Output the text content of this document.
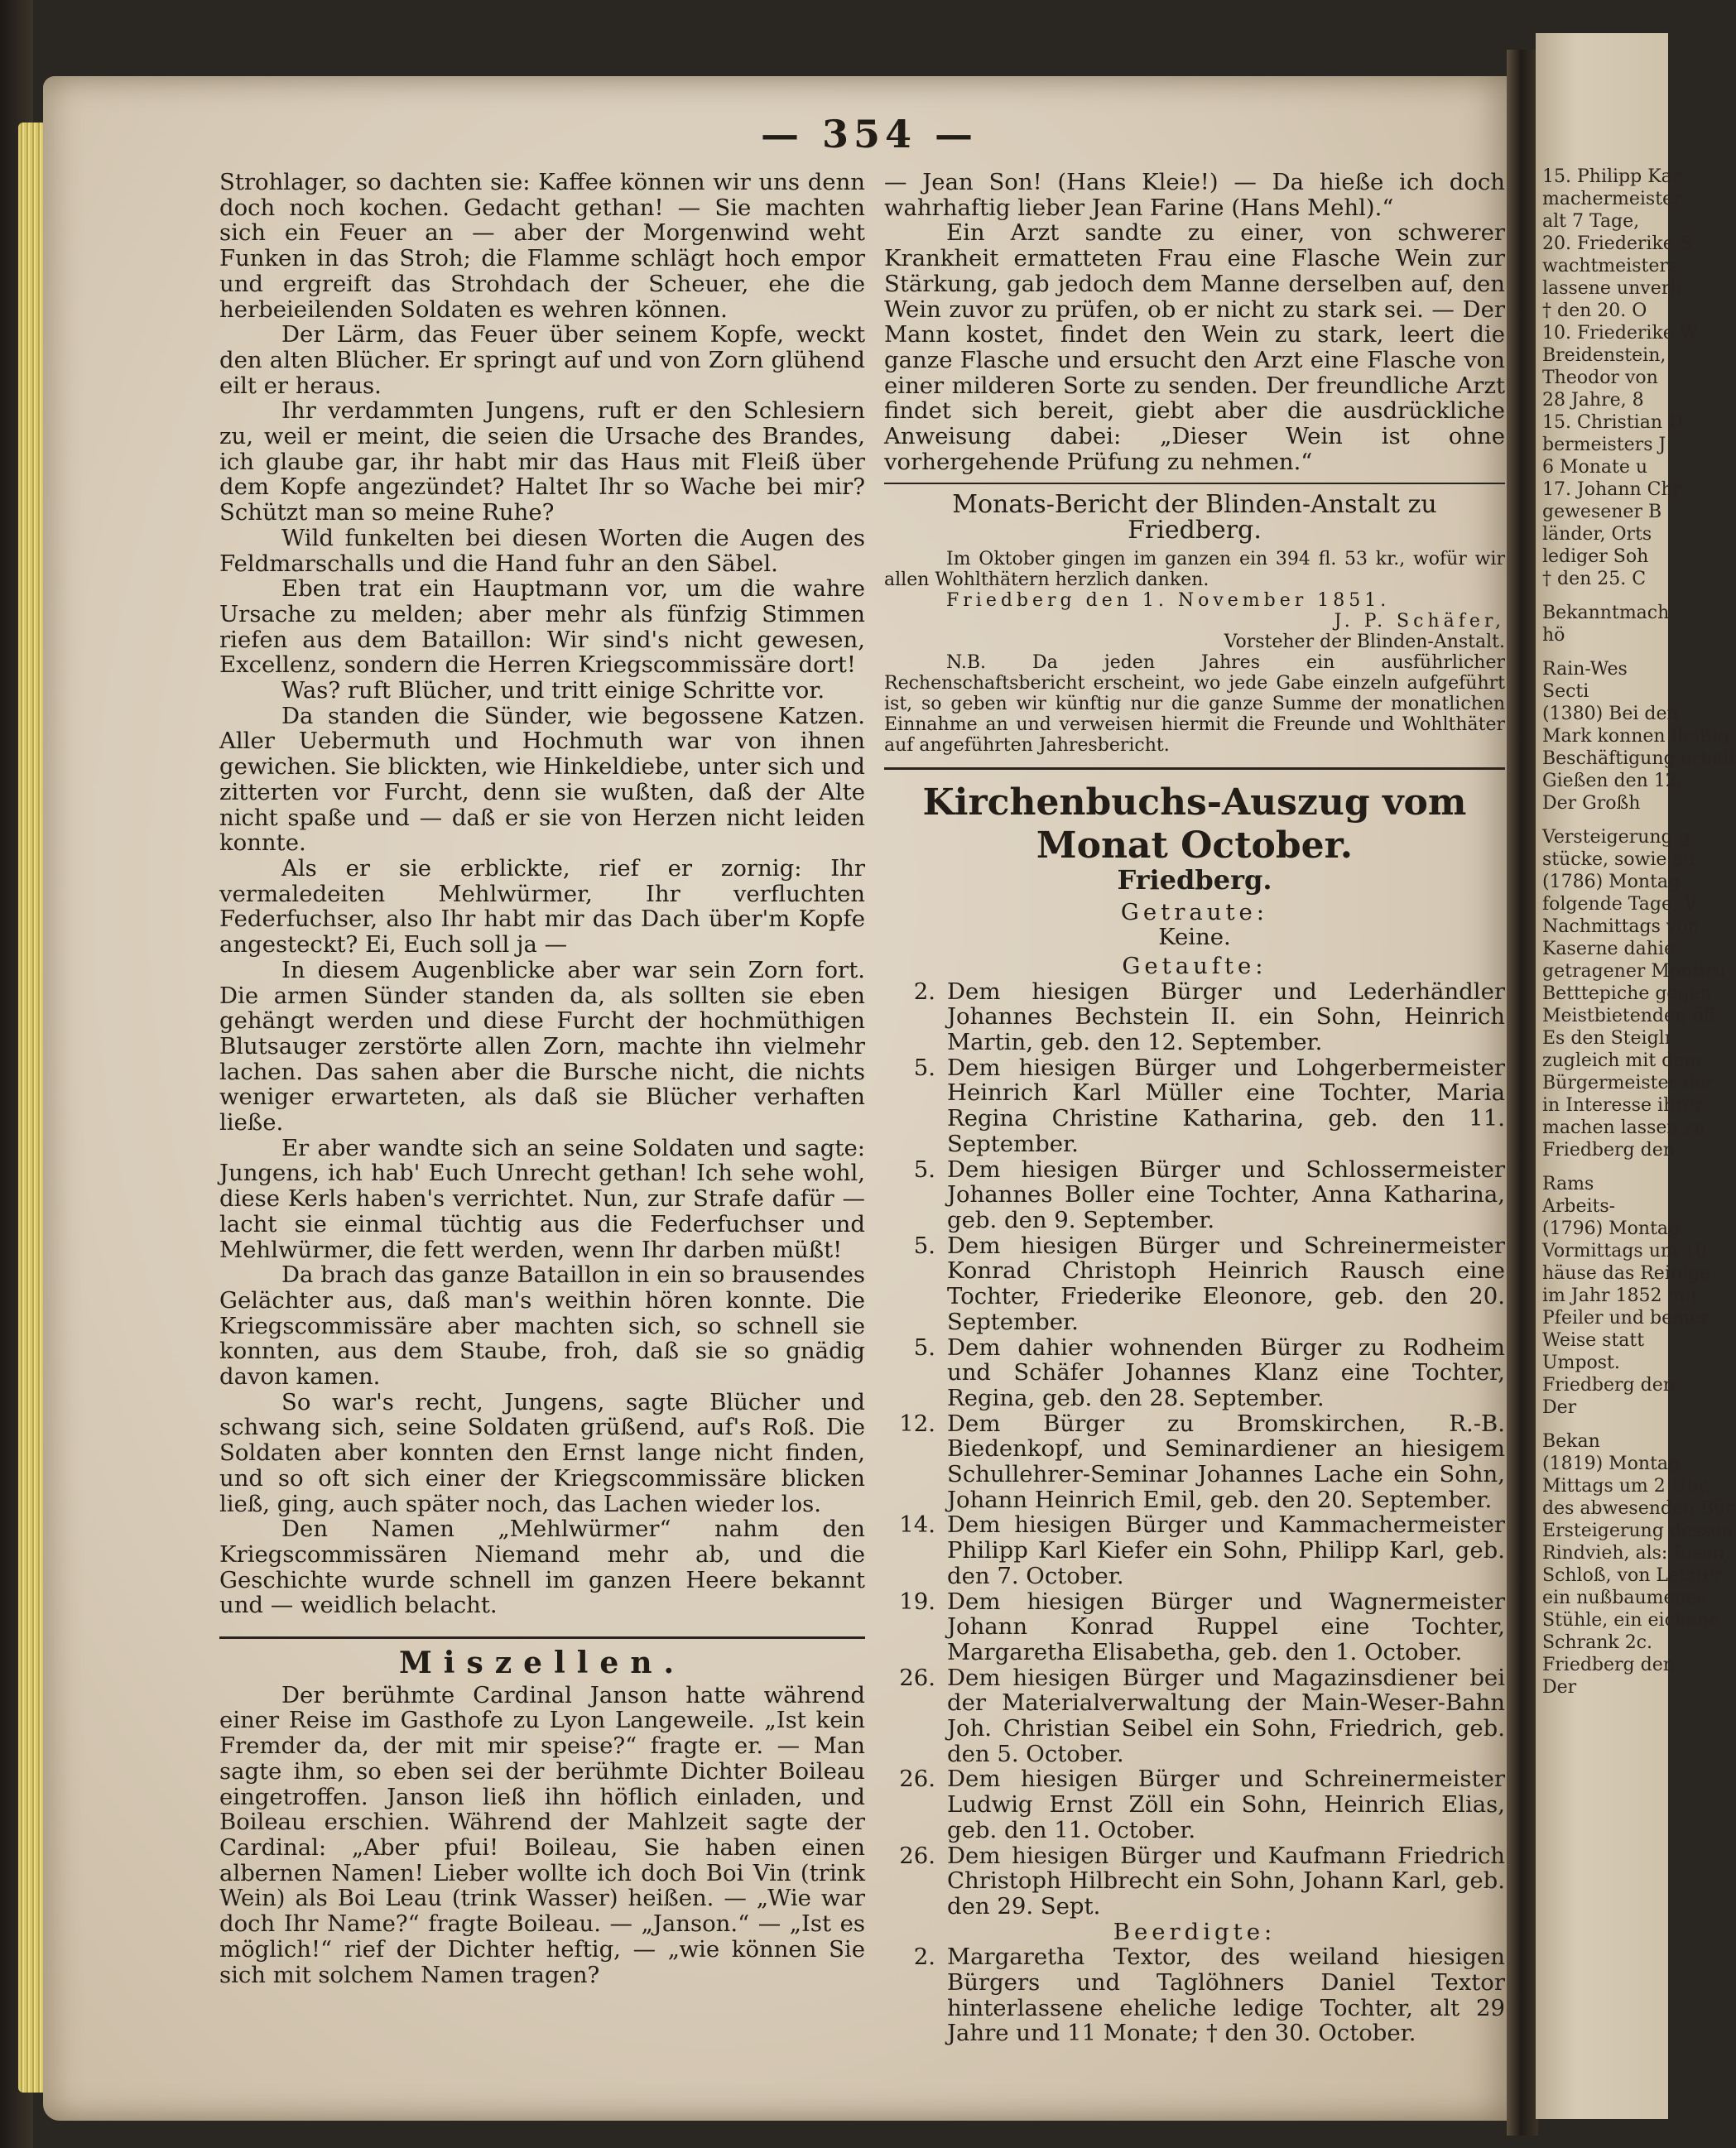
— 354 —

Strohlager, so dachten sie: Kaffee können wir uns denn doch noch kochen. Gedacht gethan! — Sie machten sich ein Feuer an — aber der Morgenwind weht Funken in das Stroh; die Flamme schlägt hoch empor und ergreift das Strohdach der Scheuer, ehe die herbeieilenden Soldaten es wehren können.

Der Lärm, das Feuer über seinem Kopfe, weckt den alten Blücher. Er springt auf und von Zorn glühend eilt er heraus.

Ihr verdammten Jungens, ruft er den Schlesiern zu, weil er meint, die seien die Ursache des Brandes, ich glaube gar, ihr habt mir das Haus mit Fleiß über dem Kopfe angezündet? Haltet Ihr so Wache bei mir? Schützt man so meine Ruhe?

Wild funkelten bei diesen Worten die Augen des Feldmarschalls und die Hand fuhr an den Säbel.

Eben trat ein Hauptmann vor, um die wahre Ursache zu melden; aber mehr als fünfzig Stimmen riefen aus dem Bataillon: Wir sind's nicht gewesen, Excellenz, sondern die Herren Kriegscommissäre dort!

Was? ruft Blücher, und tritt einige Schritte vor.

Da standen die Sünder, wie begossene Katzen. Aller Uebermuth und Hochmuth war von ihnen gewichen. Sie blickten, wie Hinkeldiebe, unter sich und zitterten vor Furcht, denn sie wußten, daß der Alte nicht spaße und — daß er sie von Herzen nicht leiden konnte.

Als er sie erblickte, rief er zornig: Ihr vermaledeiten Mehlwürmer, Ihr verfluchten Federfuchser, also Ihr habt mir das Dach über'm Kopfe angesteckt? Ei, Euch soll ja —

In diesem Augenblicke aber war sein Zorn fort. Die armen Sünder standen da, als sollten sie eben gehängt werden und diese Furcht der hochmüthigen Blutsauger zerstörte allen Zorn, machte ihn vielmehr lachen. Das sahen aber die Bursche nicht, die nichts weniger erwarteten, als daß sie Blücher verhaften ließe.

Er aber wandte sich an seine Soldaten und sagte: Jungens, ich hab' Euch Unrecht gethan! Ich sehe wohl, diese Kerls haben's verrichtet. Nun, zur Strafe dafür — lacht sie einmal tüchtig aus die Federfuchser und Mehlwürmer, die fett werden, wenn Ihr darben müßt!

Da brach das ganze Bataillon in ein so brausendes Gelächter aus, daß man's weithin hören konnte. Die Kriegscommissäre aber machten sich, so schnell sie konnten, aus dem Staube, froh, daß sie so gnädig davon kamen.

So war's recht, Jungens, sagte Blücher und schwang sich, seine Soldaten grüßend, auf's Roß. Die Soldaten aber konnten den Ernst lange nicht finden, und so oft sich einer der Kriegscommissäre blicken ließ, ging, auch später noch, das Lachen wieder los.

Den Namen „Mehlwürmer“ nahm den Kriegscommissären Niemand mehr ab, und die Geschichte wurde schnell im ganzen Heere bekannt und — weidlich belacht.

Miszellen.

Der berühmte Cardinal Janson hatte während einer Reise im Gasthofe zu Lyon Langeweile. „Ist kein Fremder da, der mit mir speise?“ fragte er. — Man sagte ihm, so eben sei der berühmte Dichter Boileau eingetroffen. Janson ließ ihn höflich einladen, und Boileau erschien. Während der Mahlzeit sagte der Cardinal: „Aber pfui! Boileau, Sie haben einen albernen Namen! Lieber wollte ich doch Boi Vin (trink Wein) als Boi Leau (trink Wasser) heißen. — „Wie war doch Ihr Name?“ fragte Boileau. — „Janson.“ — „Ist es möglich!“ rief der Dichter heftig, — „wie können Sie sich mit solchem Namen tragen?

— Jean Son! (Hans Kleie!) — Da hieße ich doch wahrhaftig lieber Jean Farine (Hans Mehl).“

Ein Arzt sandte zu einer, von schwerer Krankheit ermatteten Frau eine Flasche Wein zur Stärkung, gab jedoch dem Manne derselben auf, den Wein zuvor zu prüfen, ob er nicht zu stark sei. — Der Mann kostet, findet den Wein zu stark, leert die ganze Flasche und ersucht den Arzt eine Flasche von einer milderen Sorte zu senden. Der freundliche Arzt findet sich bereit, giebt aber die ausdrückliche Anweisung dabei: „Dieser Wein ist ohne vorhergehende Prüfung zu nehmen.“

Monats-Bericht der Blinden-Anstalt zu Friedberg.

Im Oktober gingen im ganzen ein 394 fl. 53 kr., wofür wir allen Wohlthätern herzlich danken.

Friedberg den 1. November 1851.

J. P. Schäfer,

Vorsteher der Blinden-Anstalt.

N.B. Da jeden Jahres ein ausführlicher Rechenschaftsbericht erscheint, wo jede Gabe einzeln aufgeführt ist, so geben wir künftig nur die ganze Summe der monatlichen Einnahme an und verweisen hiermit die Freunde und Wohlthäter auf angeführten Jahresbericht.

Kirchenbuchs-Auszug vom Monat October.
Friedberg.
Getraute:
Keine.
Getaufte:
2. Dem hiesigen Bürger und Lederhändler Johannes Bechstein II. ein Sohn, Heinrich Martin, geb. den 12. September.
5. Dem hiesigen Bürger und Lohgerbermeister Heinrich Karl Müller eine Tochter, Maria Regina Christine Katharina, geb. den 11. September.
5. Dem hiesigen Bürger und Schlossermeister Johannes Boller eine Tochter, Anna Katharina, geb. den 9. September.
5. Dem hiesigen Bürger und Schreinermeister Konrad Christoph Heinrich Rausch eine Tochter, Friederike Eleonore, geb. den 20. September.
5. Dem dahier wohnenden Bürger zu Rodheim und Schäfer Johannes Klanz eine Tochter, Regina, geb. den 28. September.
12. Dem Bürger zu Bromskirchen, R.-B. Biedenkopf, und Seminardiener an hiesigem Schullehrer-Seminar Johannes Lache ein Sohn, Johann Heinrich Emil, geb. den 20. September.
14. Dem hiesigen Bürger und Kammachermeister Philipp Karl Kiefer ein Sohn, Philipp Karl, geb. den 7. October.
19. Dem hiesigen Bürger und Wagnermeister Johann Konrad Ruppel eine Tochter, Margaretha Elisabetha, geb. den 1. October.
26. Dem hiesigen Bürger und Magazinsdiener bei der Materialverwaltung der Main-Weser-Bahn Joh. Christian Seibel ein Sohn, Friedrich, geb. den 5. October.
26. Dem hiesigen Bürger und Schreinermeister Ludwig Ernst Zöll ein Sohn, Heinrich Elias, geb. den 11. October.
26. Dem hiesigen Bürger und Kaufmann Friedrich Christoph Hilbrecht ein Sohn, Johann Karl, geb. den 29. Sept.
Beerdigte:
2. Margaretha Textor, des weiland hiesigen Bürgers und Taglöhners Daniel Textor hinterlassene eheliche ledige Tochter, alt 29 Jahre und 11 Monate; † den 30. October.
15. Philipp Kar
machermeister
alt 7 Tage,
20. Friederike S
wachtmeisters
lassene unverh
† den 20. O
10. Friederike W
Breidenstein,
Theodor von
28 Jahre, 8
15. Christian D
bermeisters J
6 Monate u
17. Johann Chr
gewesener B
länder, Orts
lediger Soh
† den 25. C

Bekanntmach
hö

Rain-Wes
Secti
(1380) Bei den
Mark konnen fleißig
Beschäftigung erhalt
Gießen den 12.
Der Großh

Versteigerung g
stücke, sowie au
(1786) Montag
folgende Tage, V
Nachmittags von
Kaserne dahie
getragener Montiru
Betttepiche gegen
Meistbietenden öff
Es den Steiglı
zugleich mit dem
Bürgermeister der
in Interesse ihrer
machen lassen zu
Friedberg den

Rams
Arbeits-
(1796) Montag
Vormittags um 10
häuse das Reinige
im Jahr 1852 mit
Pfeiler und bemer
Weise statt
Umpost.
Friedberg den
Der

Bekan
(1819) Montag
Mittags um 2 Uhr,
des abwesenden Bür
Ersteigerung dessen
Rindvieh, als: Eisen,
Schloß, von Letzter
ein nußbaumenes
Stühle, ein eichene
Schrank 2c.
Friedberg den
Der
